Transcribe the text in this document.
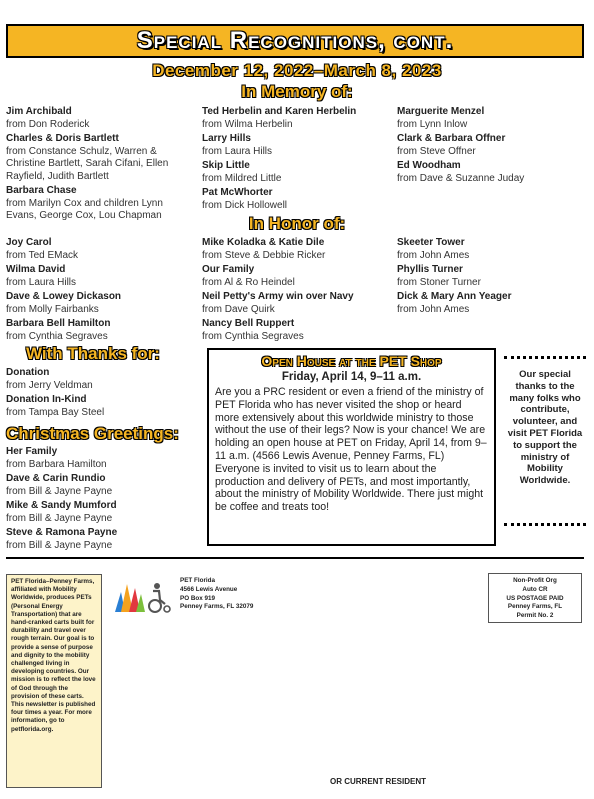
Special Recognitions, cont.
December 12, 2022–March 8, 2023
In Memory of:
Jim Archibald
from Don Roderick
Charles & Doris Bartlett
from Constance Schulz, Warren & Christine Bartlett, Sarah Cifani, Ellen Rayfield, Judith Bartlett
Barbara Chase
from Marilyn Cox and children Lynn Evans, George Cox, Lou Chapman
Ted Herbelin and Karen Herbelin
from Wilma Herbelin
Larry Hills
from Laura Hills
Skip Little
from Mildred Little
Pat McWhorter
from Dick Hollowell
Marguerite Menzel
from Lynn Inlow
Clark & Barbara Offner
from Steve Offner
Ed Woodham
from Dave & Suzanne Juday
In Honor of:
Joy Carol
from Ted EMack
Wilma David
from Laura Hills
Dave & Lowey Dickason
from Molly Fairbanks
Barbara Bell Hamilton
from Cynthia Segraves
Mike Koladka & Katie Dile
from Steve & Debbie Ricker
Our Family
from Al & Ro Heindel
Neil Petty's Army win over Navy
from Dave Quirk
Nancy Bell Ruppert
from Cynthia Segraves
Skeeter Tower
from John Ames
Phyllis Turner
from Stoner Turner
Dick & Mary Ann Yeager
from John Ames
With Thanks for:
Donation
from Jerry Veldman
Donation In-Kind
from Tampa Bay Steel
Christmas Greetings:
Her Family
from Barbara Hamilton
Dave & Carin Rundio
from Bill & Jayne Payne
Mike & Sandy Mumford
from Bill & Jayne Payne
Steve & Ramona Payne
from Bill & Jayne Payne
Open House at the PET Shop
Friday, April 14, 9–11 a.m.
Are you a PRC resident or even a friend of the ministry of PET Florida who has never visited the shop or heard more extensively about this worldwide ministry to those without the use of their legs? Now is your chance! We are holding an open house at PET on Friday, April 14, from 9–11 a.m. (4566 Lewis Avenue, Penney Farms, FL) Everyone is invited to visit us to learn about the production and delivery of PETs, and most importantly, about the ministry of Mobility Worldwide. There just might be coffee and treats too!
Our special thanks to the many folks who contribute, volunteer, and visit PET Florida to support the ministry of Mobility Worldwide.
PET Florida–Penney Farms, affiliated with Mobility Worldwide, produces PETs (Personal Energy Transportation) that are hand-cranked carts built for durability and travel over rough terrain. Our goal is to provide a sense of purpose and dignity to the mobility challenged living in developing countries. Our mission is to reflect the love of God through the provision of these carts. This newsletter is published four times a year. For more information, go to petflorida.org.
PET Florida
4566 Lewis Avenue
PO Box 919
Penney Farms, FL 32079
Non-Profit Org
Auto CR
US POSTAGE PAID
Penney Farms, FL
Permit No. 2
OR CURRENT RESIDENT
